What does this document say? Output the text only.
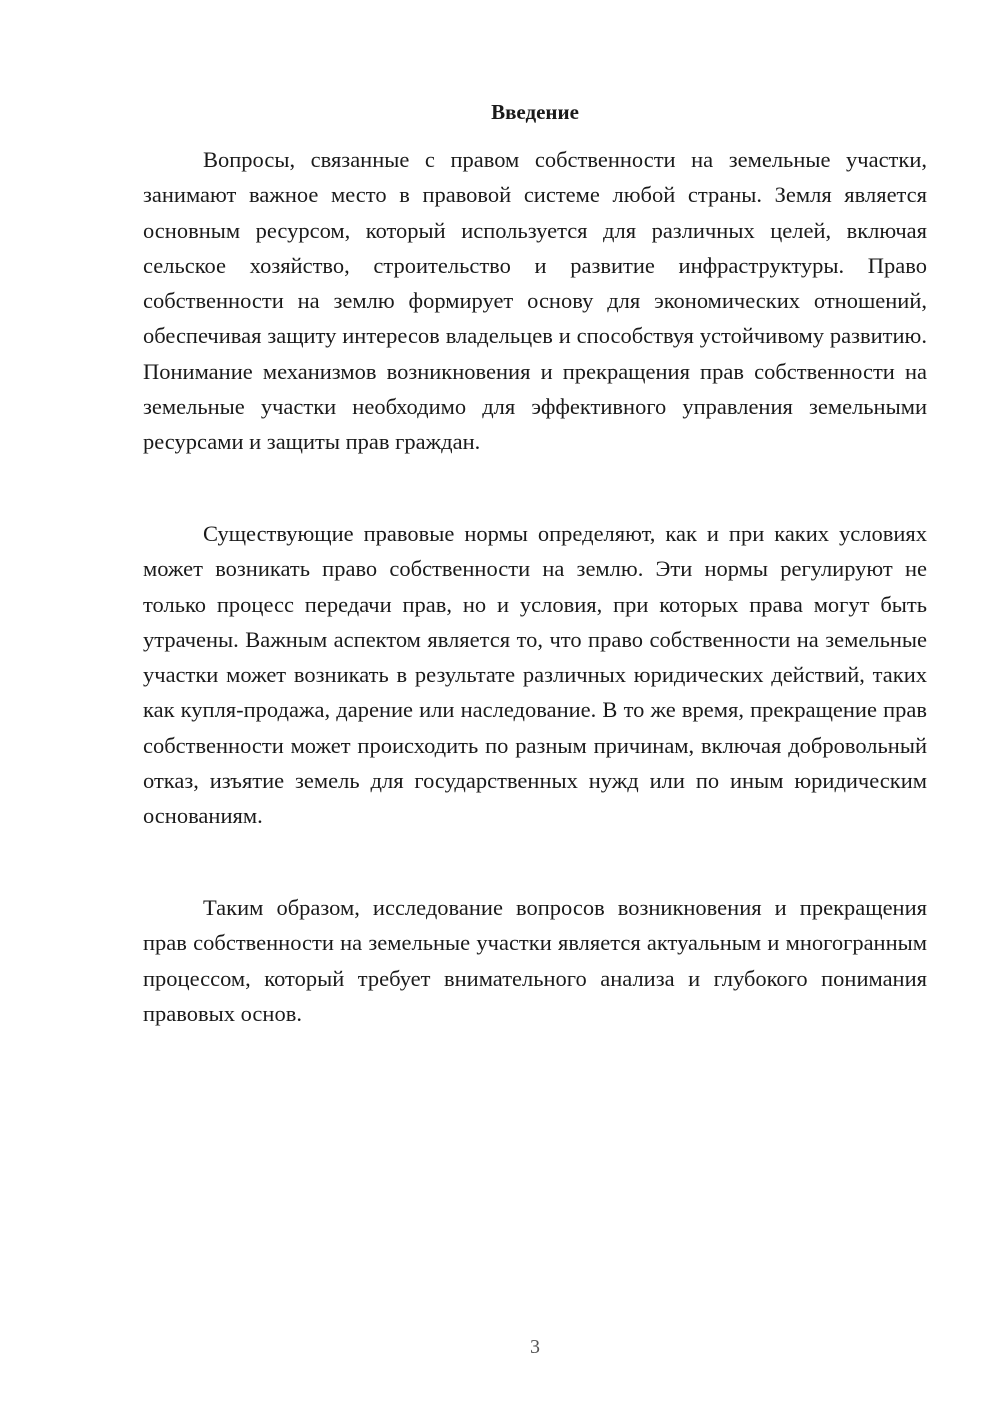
Введение

Вопросы, связанные с правом собственности на земельные участки, занимают важное место в правовой системе любой страны. Земля является основным ресурсом, который используется для различных целей, включая сельское хозяйство, строительство и развитие инфраструктуры. Право собственности на землю формирует основу для экономических отношений, обеспечивая защиту интересов владельцев и способствуя устойчивому развитию. Понимание механизмов возникновения и прекращения прав собственности на земельные участки необходимо для эффективного управления земельными ресурсами и защиты прав граждан.

Существующие правовые нормы определяют, как и при каких условиях может возникать право собственности на землю. Эти нормы регулируют не только процесс передачи прав, но и условия, при которых права могут быть утрачены. Важным аспектом является то, что право собственности на земельные участки может возникать в результате различных юридических действий, таких как купля-продажа, дарение или наследование. В то же время, прекращение прав собственности может происходить по разным причинам, включая добровольный отказ, изъятие земель для государственных нужд или по иным юридическим основаниям.

Таким образом, исследование вопросов возникновения и прекращения прав собственности на земельные участки является актуальным и многогранным процессом, который требует внимательного анализа и глубокого понимания правовых основ.

3
